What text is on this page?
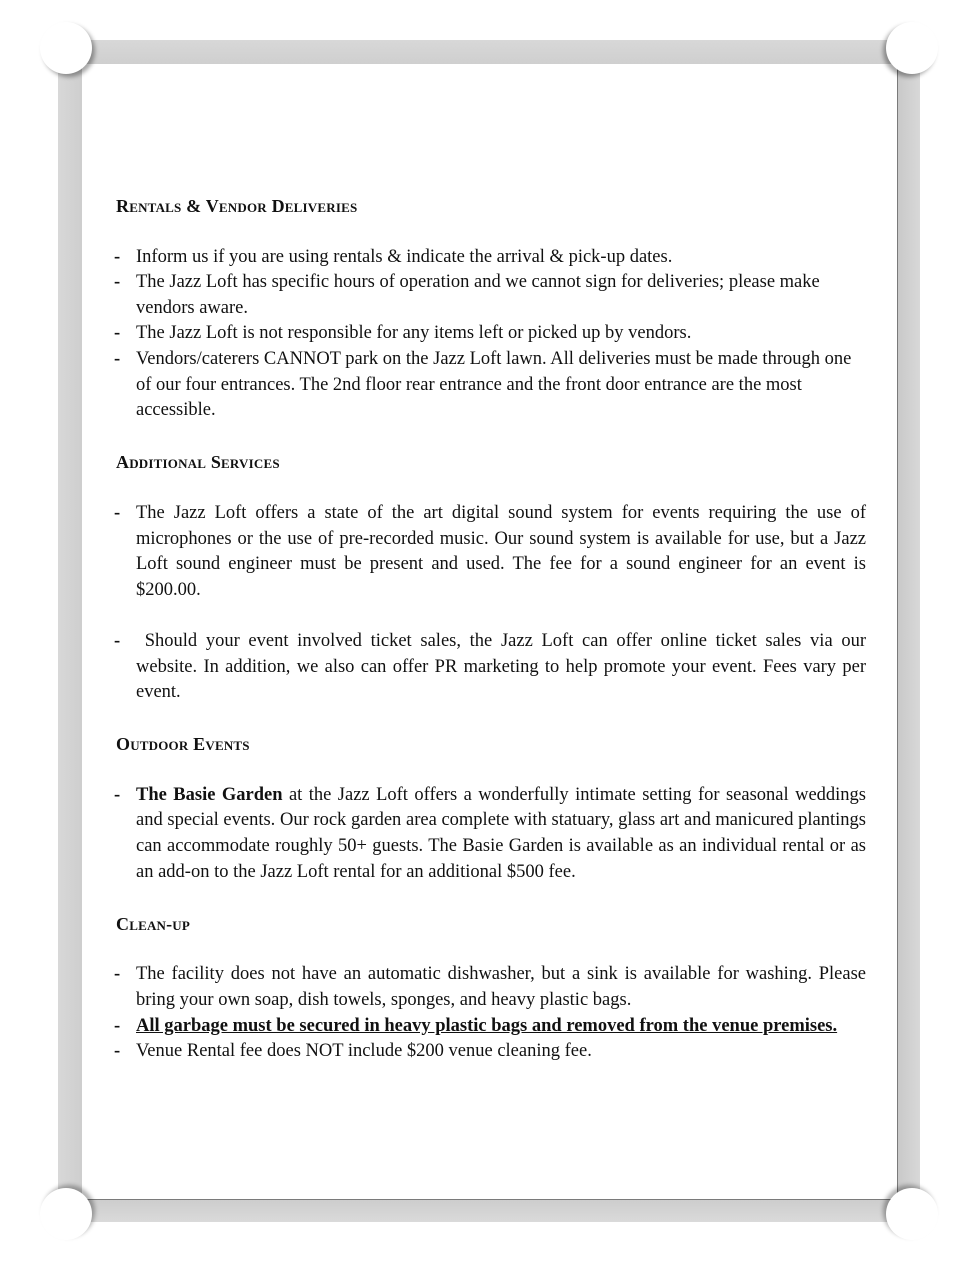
Rentals & Vendor Deliveries
- Inform us if you are using rentals & indicate the arrival & pick-up dates.
- The Jazz Loft has specific hours of operation and we cannot sign for deliveries; please make vendors aware.
- The Jazz Loft is not responsible for any items left or picked up by vendors.
- Vendors/caterers CANNOT park on the Jazz Loft lawn. All deliveries must be made through one of our four entrances. The 2nd floor rear entrance and the front door entrance are the most accessible.
Additional Services
- The Jazz Loft offers a state of the art digital sound system for events requiring the use of microphones or the use of pre-recorded music. Our sound system is available for use, but a Jazz Loft sound engineer must be present and used. The fee for a sound engineer for an event is $200.00.
- Should your event involved ticket sales, the Jazz Loft can offer online ticket sales via our website. In addition, we also can offer PR marketing to help promote your event. Fees vary per event.
Outdoor Events
- The Basie Garden at the Jazz Loft offers a wonderfully intimate setting for seasonal weddings and special events. Our rock garden area complete with statuary, glass art and manicured plantings can accommodate roughly 50+ guests. The Basie Garden is available as an individual rental or as an add-on to the Jazz Loft rental for an additional $500 fee.
Clean-up
- The facility does not have an automatic dishwasher, but a sink is available for washing. Please bring your own soap, dish towels, sponges, and heavy plastic bags.
- All garbage must be secured in heavy plastic bags and removed from the venue premises.
- Venue Rental fee does NOT include $200 venue cleaning fee.
